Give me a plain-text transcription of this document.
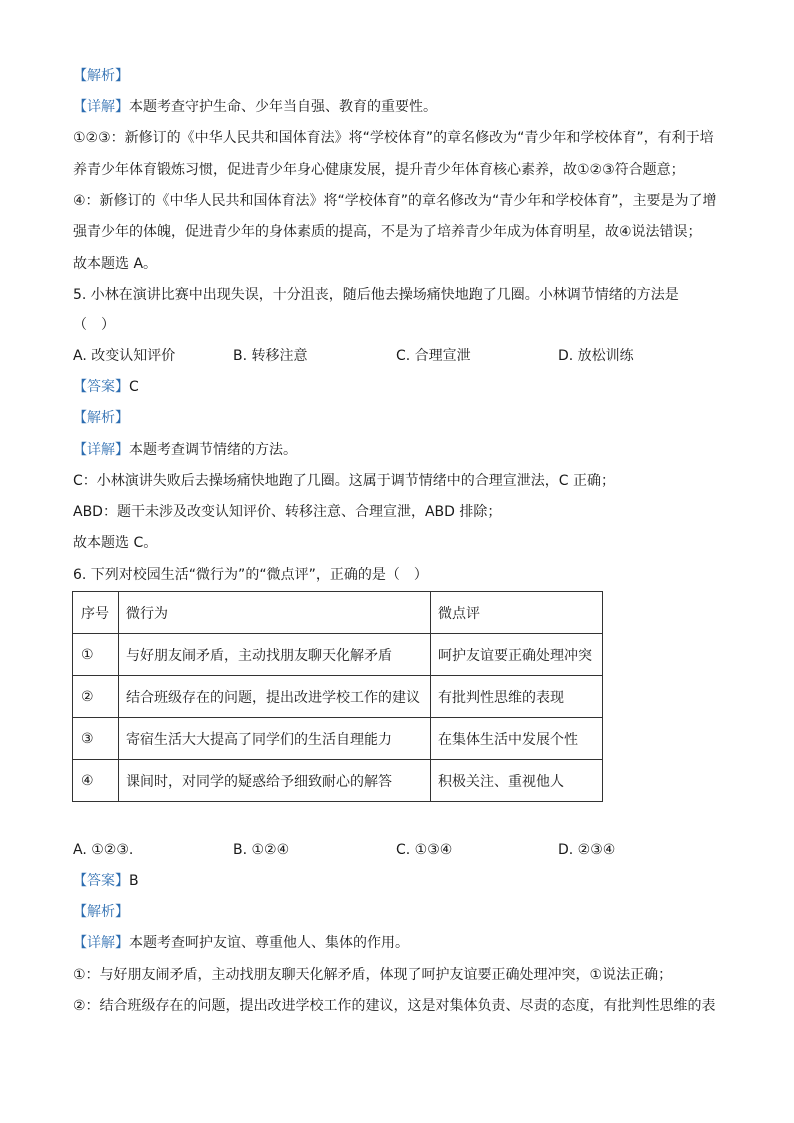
【解析】
【详解】本题考查守护生命、少年当自强、教育的重要性。
①②③：新修订的《中华人民共和国体育法》将“学校体育”的章名修改为“青少年和学校体育”，有利于培
养青少年体育锻炼习惯，促进青少年身心健康发展，提升青少年体育核心素养，故①②③符合题意；
④：新修订的《中华人民共和国体育法》将“学校体育”的章名修改为“青少年和学校体育”，主要是为了增
强青少年的体魄，促进青少年的身体素质的提高，不是为了培养青少年成为体育明星，故④说法错误；
故本题选 A。
5. 小林在演讲比赛中出现失误，十分沮丧，随后他去操场痛快地跑了几圈。小林调节情绪的方法是
（　）
A. 改变认知评价	B. 转移注意	C. 合理宣泄	D. 放松训练
【答案】C
【解析】
【详解】本题考查调节情绪的方法。
C：小林演讲失败后去操场痛快地跑了几圈。这属于调节情绪中的合理宣泄法，C 正确；
ABD：题干未涉及改变认知评价、转移注意、合理宣泄，ABD 排除；
故本题选 C。
6. 下列对校园生活“微行为”的“微点评”，正确的是（　）
序号	微行为	微点评
①	与好朋友闹矛盾，主动找朋友聊天化解矛盾	呵护友谊要正确处理冲突
②	结合班级存在的问题，提出改进学校工作的建议	有批判性思维的表现
③	寄宿生活大大提高了同学们的生活自理能力	在集体生活中发展个性
④	课间时，对同学的疑惑给予细致耐心的解答	积极关注、重视他人
A. ①②③.	B. ①②④	C. ①③④	D. ②③④
【答案】B
【解析】
【详解】本题考查呵护友谊、尊重他人、集体的作用。
①：与好朋友闹矛盾，主动找朋友聊天化解矛盾，体现了呵护友谊要正确处理冲突，①说法正确；
②：结合班级存在的问题，提出改进学校工作的建议，这是对集体负责、尽责的态度，有批判性思维的表
